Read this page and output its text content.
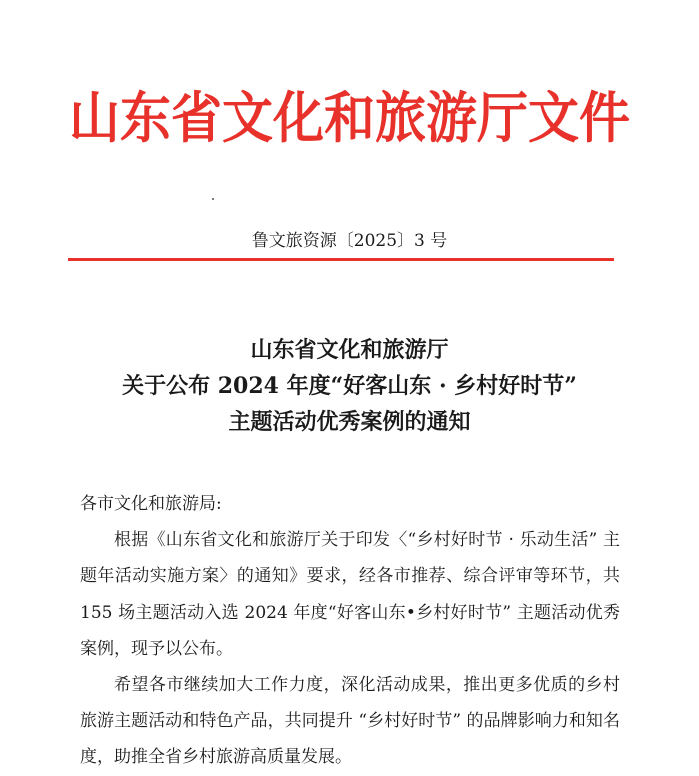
山东省文化和旅游厅文件
鲁文旅资源〔2025〕3 号
山东省文化和旅游厅
关于公布 2024 年度“好客山东 · 乡村好时节”
主题活动优秀案例的通知

各市文化和旅游局:

根据《山东省文化和旅游厅关于印发〈“乡村好时节 · 乐动生活” 主题年活动实施方案〉的通知》要求，经各市推荐、综合评审等环节，共 155 场主题活动入选 2024 年度“好客山东•乡村好时节” 主题活动优秀案例，现予以公布。

希望各市继续加大工作力度，深化活动成果，推出更多优质的乡村旅游主题活动和特色产品，共同提升 “乡村好时节” 的品牌影响力和知名度，助推全省乡村旅游高质量发展。
